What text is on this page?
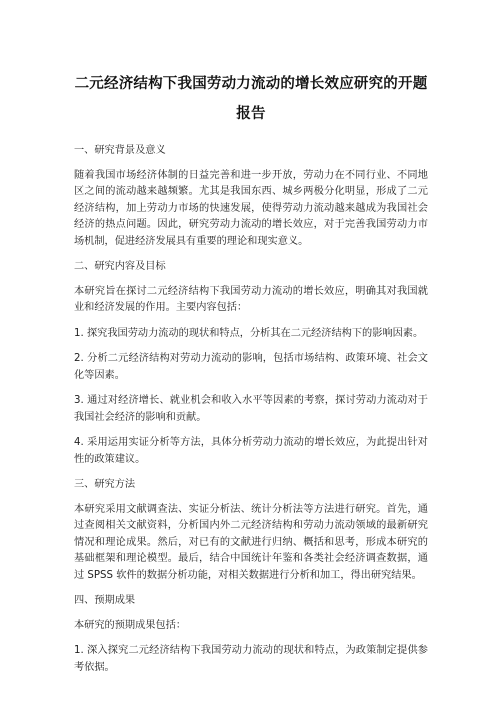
二元经济结构下我国劳动力流动的增长效应研究的开题报告

一、研究背景及意义

随着我国市场经济体制的日益完善和进一步开放，劳动力在不同行业、不同地区之间的流动越来越频繁。尤其是我国东西、城乡两极分化明显，形成了二元经济结构，加上劳动力市场的快速发展，使得劳动力流动越来越成为我国社会经济的热点问题。因此，研究劳动力流动的增长效应，对于完善我国劳动力市场机制，促进经济发展具有重要的理论和现实意义。

二、研究内容及目标

本研究旨在探讨二元经济结构下我国劳动力流动的增长效应，明确其对我国就业和经济发展的作用。主要内容包括：

1. 探究我国劳动力流动的现状和特点，分析其在二元经济结构下的影响因素。

2. 分析二元经济结构对劳动力流动的影响，包括市场结构、政策环境、社会文化等因素。

3. 通过对经济增长、就业机会和收入水平等因素的考察，探讨劳动力流动对于我国社会经济的影响和贡献。

4. 采用运用实证分析等方法，具体分析劳动力流动的增长效应，为此提出针对性的政策建议。

三、研究方法

本研究采用文献调查法、实证分析法、统计分析法等方法进行研究。首先，通过查阅相关文献资料，分析国内外二元经济结构和劳动力流动领域的最新研究情况和理论成果。然后，对已有的文献进行归纳、概括和思考，形成本研究的基础框架和理论模型。最后，结合中国统计年鉴和各类社会经济调查数据，通过 SPSS 软件的数据分析功能，对相关数据进行分析和加工，得出研究结果。

四、预期成果

本研究的预期成果包括：

1. 深入探究二元经济结构下我国劳动力流动的现状和特点，为政策制定提供参考依据。
